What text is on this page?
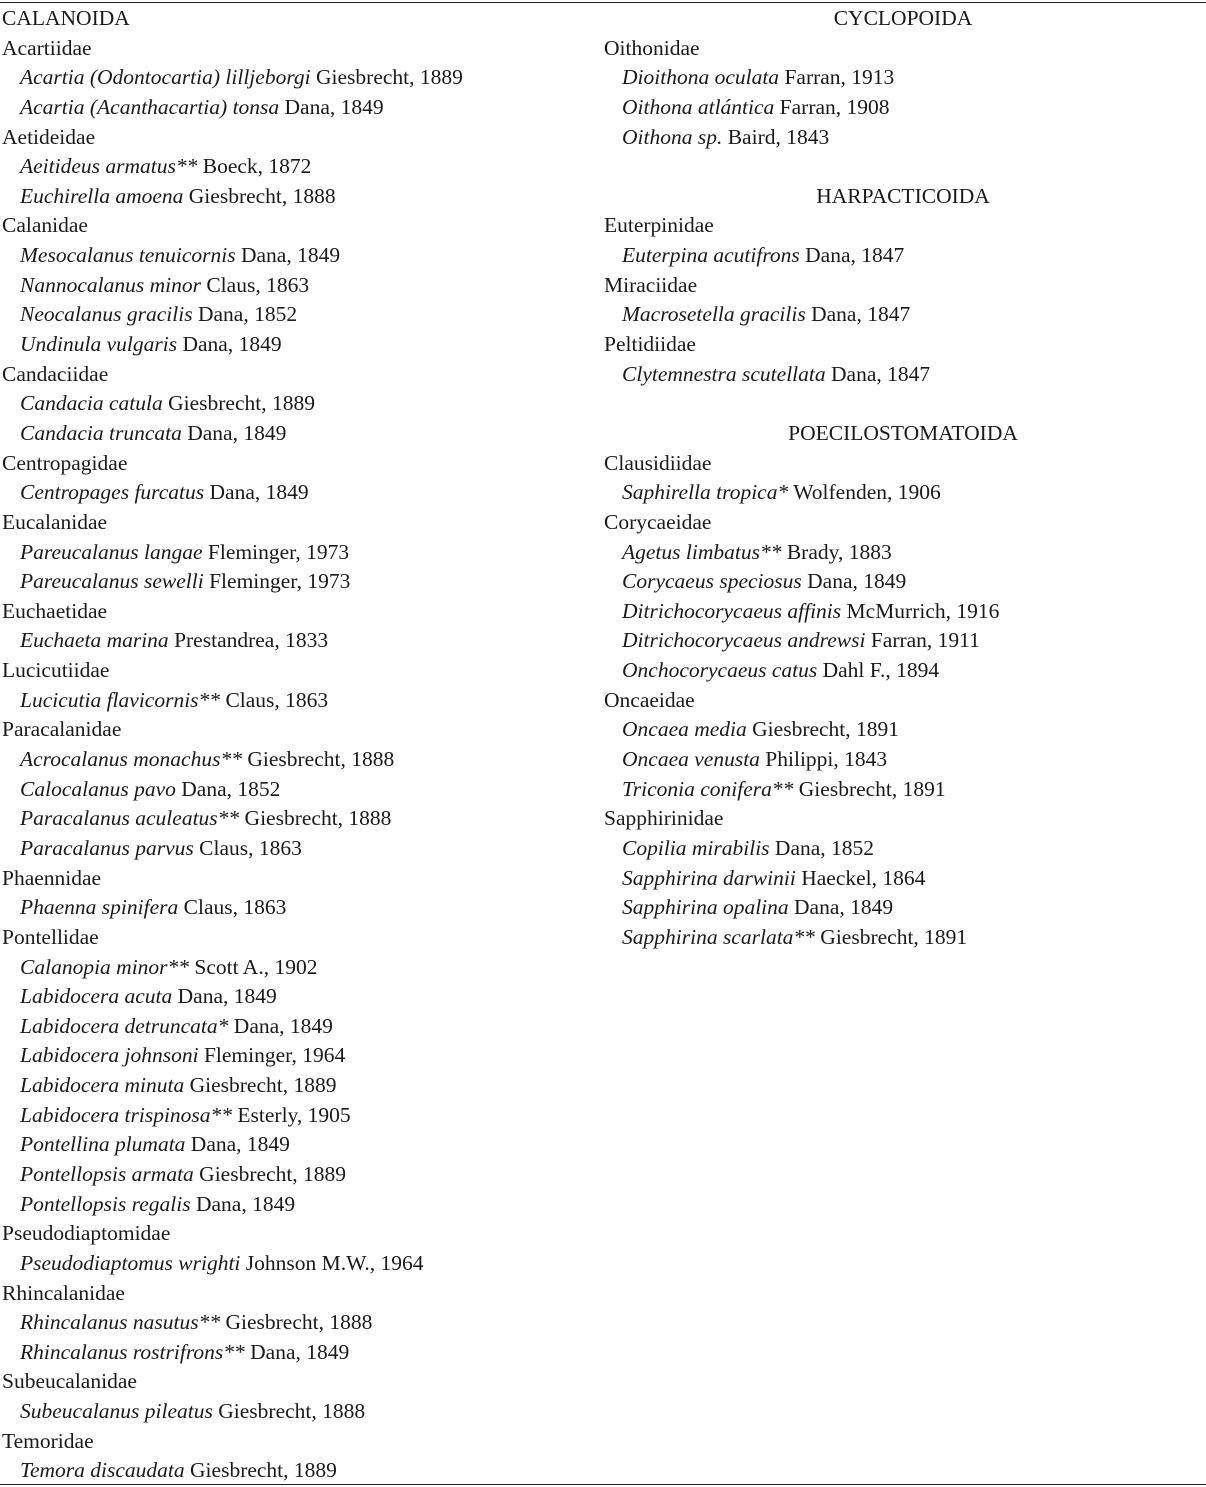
CALANOIDA
Acartiidae
Acartia (Odontocartia) lilljeborgi Giesbrecht, 1889
Acartia (Acanthacartia) tonsa Dana, 1849
Aetideidae
Aeitideus armatus** Boeck, 1872
Euchirella amoena Giesbrecht, 1888
Calanidae
Mesocalanus tenuicornis Dana, 1849
Nannocalanus minor Claus, 1863
Neocalanus gracilis Dana, 1852
Undinula vulgaris Dana, 1849
Candaciidae
Candacia catula Giesbrecht, 1889
Candacia truncata Dana, 1849
Centropagidae
Centropages furcatus Dana, 1849
Eucalanidae
Pareucalanus langae Fleminger, 1973
Pareucalanus sewelli Fleminger, 1973
Euchaetidae
Euchaeta marina Prestandrea, 1833
Lucicutiidae
Lucicutia flavicornis** Claus, 1863
Paracalanidae
Acrocalanus monachus** Giesbrecht, 1888
Calocalanus pavo Dana, 1852
Paracalanus aculeatus** Giesbrecht, 1888
Paracalanus parvus Claus, 1863
Phaennidae
Phaenna spinifera Claus, 1863
Pontellidae
Calanopia minor** Scott A., 1902
Labidocera acuta Dana, 1849
Labidocera detruncata* Dana, 1849
Labidocera johnsoni Fleminger, 1964
Labidocera minuta Giesbrecht, 1889
Labidocera trispinosa** Esterly, 1905
Pontellina plumata Dana, 1849
Pontellopsis armata Giesbrecht, 1889
Pontellopsis regalis Dana, 1849
Pseudodiaptomidae
Pseudodiaptomus wrighti Johnson M.W., 1964
Rhincalanidae
Rhincalanus nasutus** Giesbrecht, 1888
Rhincalanus rostrifrons** Dana, 1849
Subeucalanidae
Subeucalanus pileatus Giesbrecht, 1888
Temoridae
Temora discaudata Giesbrecht, 1889
CYCLOPOIDA
Oithonidae
Dioithona oculata Farran, 1913
Oithona atlántica Farran, 1908
Oithona sp. Baird, 1843
HARPACTICOIDA
Euterpinidae
Euterpina acutifrons Dana, 1847
Miraciidae
Macrosetella gracilis Dana, 1847
Peltidiidae
Clytemnestra scutellata Dana, 1847
POECILOSTOMATOIDA
Clausidiidae
Saphirella tropica* Wolfenden, 1906
Corycaeidae
Agetus limbatus** Brady, 1883
Corycaeus speciosus Dana, 1849
Ditrichocorycaeus affinis McMurrich, 1916
Ditrichocorycaeus andrewsi Farran, 1911
Onchocorycaeus catus Dahl F., 1894
Oncaeidae
Oncaea media Giesbrecht, 1891
Oncaea venusta Philippi, 1843
Triconia conifera** Giesbrecht, 1891
Sapphirinidae
Copilia mirabilis Dana, 1852
Sapphirina darwinii Haeckel, 1864
Sapphirina opalina Dana, 1849
Sapphirina scarlata** Giesbrecht, 1891
